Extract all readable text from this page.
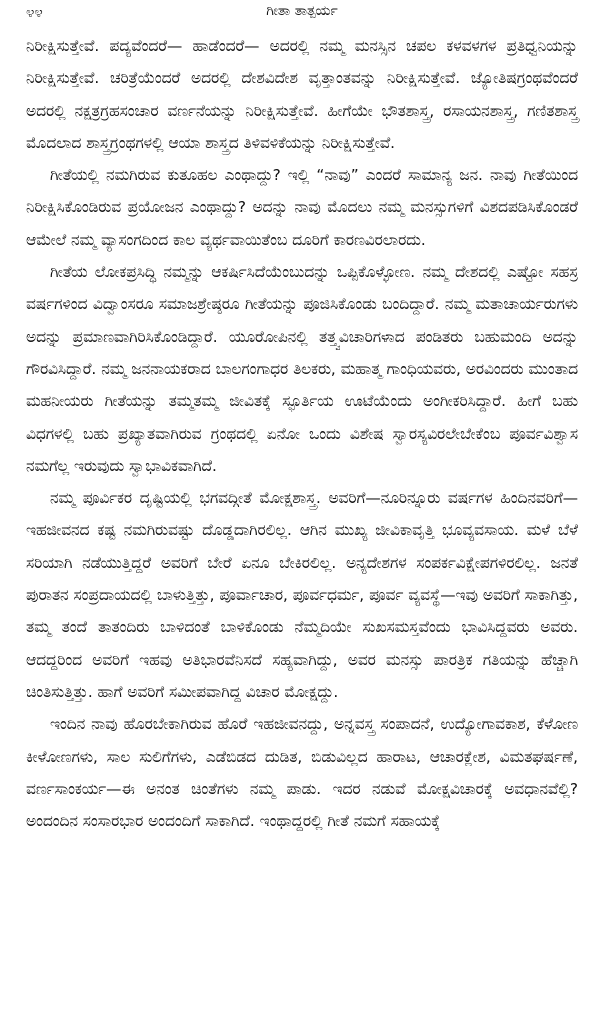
೪೪	ಗೀತಾ ತಾತ್ಪರ್ಯ

ನಿರೀಕ್ಷಿಸುತ್ತೇವೆ. ಪದ್ಯವೆಂದರೆ— ಹಾಡೆಂದರೆ— ಅದರಲ್ಲಿ ನಮ್ಮ ಮನಸ್ಸಿನ ಚಪಲ ಕಳವಳಗಳ ಪ್ರತಿಧ್ವನಿಯನ್ನು ನಿರೀಕ್ಷಿಸುತ್ತೇವೆ. ಚರಿತ್ರೆಯೆಂದರೆ ಅದರಲ್ಲಿ ದೇಶವಿದೇಶ ವೃತ್ತಾಂತವನ್ನು ನಿರೀಕ್ಷಿಸುತ್ತೇವೆ. ಜ್ಯೋತಿಷಗ್ರಂಥವೆಂದರೆ ಅದರಲ್ಲಿ ನಕ್ಷತ್ರಗ್ರಹಸಂಚಾರ ವರ್ಣನೆಯನ್ನು ನಿರೀಕ್ಷಿಸುತ್ತೇವೆ. ಹೀಗೆಯೇ ಭೌತಶಾಸ್ತ್ರ, ರಸಾಯನಶಾಸ್ತ್ರ, ಗಣಿತಶಾಸ್ತ್ರ ಮೊದಲಾದ ಶಾಸ್ತ್ರಗ್ರಂಥಗಳಲ್ಲಿ ಆಯಾ ಶಾಸ್ತ್ರದ ತಿಳಿವಳಿಕೆಯನ್ನು ನಿರೀಕ್ಷಿಸುತ್ತೇವೆ.

ಗೀತೆಯಲ್ಲಿ ನಮಗಿರುವ ಕುತೂಹಲ ಎಂಥಾದ್ದು? ಇಲ್ಲಿ “ನಾವು” ಎಂದರೆ ಸಾಮಾನ್ಯ ಜನ. ನಾವು ಗೀತೆಯಿಂದ ನಿರೀಕ್ಷಿಸಿಕೊಂಡಿರುವ ಪ್ರಯೋಜನ ಎಂಥಾದ್ದು? ಅದನ್ನು ನಾವು ಮೊದಲು ನಮ್ಮ ಮನಸ್ಸುಗಳಿಗೆ ವಿಶದಪಡಿಸಿಕೊಂಡರೆ ಆಮೇಲೆ ನಮ್ಮ ವ್ಯಾಸಂಗದಿಂದ ಕಾಲ ವ್ಯರ್ಥವಾಯಿತೆಂಬ ದೂರಿಗೆ ಕಾರಣವಿರಲಾರದು.

ಗೀತೆಯ ಲೋಕಪ್ರಸಿದ್ಧಿ ನಮ್ಮನ್ನು ಆಕರ್ಷಿಸಿದೆಯೆಂಬುದನ್ನು ಒಪ್ಪಿಕೊಳ್ಳೋಣ. ನಮ್ಮ ದೇಶದಲ್ಲಿ ಎಷ್ಟೋ ಸಹಸ್ರ ವರ್ಷಗಳಿಂದ ವಿದ್ವಾಂಸರೂ ಸಮಾಜಶ್ರೇಷ್ಠರೂ ಗೀತೆಯನ್ನು ಪೂಜಿಸಿಕೊಂಡು ಬಂದಿದ್ದಾರೆ. ನಮ್ಮ ಮತಾಚಾರ್ಯರುಗಳು ಅದನ್ನು ಪ್ರಮಾಣವಾಗಿರಿಸಿಕೊಂಡಿದ್ದಾರೆ. ಯೂರೋಪಿನಲ್ಲಿ ತತ್ತ್ವವಿಚಾರಿಗಳಾದ ಪಂಡಿತರು ಬಹುಮಂದಿ ಅದನ್ನು ಗೌರವಿಸಿದ್ದಾರೆ. ನಮ್ಮ ಜನನಾಯಕರಾದ ಬಾಲಗಂಗಾಧರ ತಿಲಕರು, ಮಹಾತ್ಮ ಗಾಂಧಿಯವರು, ಅರವಿಂದರು ಮುಂತಾದ ಮಹನೀಯರು ಗೀತೆಯನ್ನು ತಮ್ಮತಮ್ಮ ಜೀವಿತಕ್ಕೆ ಸ್ಫೂರ್ತಿಯ ಊಟೆಯೆಂದು ಅಂಗೀಕರಿಸಿದ್ದಾರೆ. ಹೀಗೆ ಬಹು ವಿಧಗಳಲ್ಲಿ ಬಹು ಪ್ರಖ್ಯಾತವಾಗಿರುವ ಗ್ರಂಥದಲ್ಲಿ ಏನೋ ಒಂದು ವಿಶೇಷ ಸ್ವಾರಸ್ಯವಿರಲೇಬೇಕೆಂಬ ಪೂರ್ವವಿಶ್ವಾಸ ನಮಗೆಲ್ಲ ಇರುವುದು ಸ್ವಾಭಾವಿಕವಾಗಿದೆ.

ನಮ್ಮ ಪೂರ್ವಿಕರ ದೃಷ್ಟಿಯಲ್ಲಿ ಭಗವದ್ಗೀತೆ ಮೋಕ್ಷಶಾಸ್ತ್ರ. ಅವರಿಗೆ—ನೂರಿನ್ನೂರು ವರ್ಷಗಳ ಹಿಂದಿನವರಿಗೆ—ಇಹಜೀವನದ ಕಷ್ಟ ನಮಗಿರುವಷ್ಟು ದೊಡ್ಡದಾಗಿರಲಿಲ್ಲ. ಆಗಿನ ಮುಖ್ಯ ಜೀವಿಕಾವೃತ್ತಿ ಭೂವ್ಯವಸಾಯ. ಮಳೆ ಬೆಳೆ ಸರಿಯಾಗಿ ನಡೆಯುತ್ತಿದ್ದರೆ ಅವರಿಗೆ ಬೇರೆ ಏನೂ ಬೇಕಿರಲಿಲ್ಲ. ಅನ್ಯದೇಶಗಳ ಸಂಪರ್ಕವಿಕ್ಷೇಪಗಳಿರಲಿಲ್ಲ. ಜನತೆ ಪುರಾತನ ಸಂಪ್ರದಾಯದಲ್ಲಿ ಬಾಳುತ್ತಿತ್ತು, ಪೂರ್ವಾಚಾರ, ಪೂರ್ವಧರ್ಮ, ಪೂರ್ವ ವ್ಯವಸ್ಥೆ—ಇವು ಅವರಿಗೆ ಸಾಕಾಗಿತ್ತು, ತಮ್ಮ ತಂದೆ ತಾತಂದಿರು ಬಾಳಿದಂತೆ ಬಾಳಿಕೊಂಡು ನೆಮ್ಮದಿಯೇ ಸುಖಸಮಸ್ತವೆಂದು ಭಾವಿಸಿದ್ದವರು ಅವರು. ಆದದ್ದರಿಂದ ಅವರಿಗೆ ಇಹವು ಅತಿಭಾರವೆನಿಸದೆ ಸಹ್ಯವಾಗಿದ್ದು, ಅವರ ಮನಸ್ಸು ಪಾರತ್ರಿಕ ಗತಿಯನ್ನು ಹೆಚ್ಚಾಗಿ ಚಿಂತಿಸುತ್ತಿತ್ತು. ಹಾಗೆ ಅವರಿಗೆ ಸಮೀಪವಾಗಿದ್ದ ವಿಚಾರ ಮೋಕ್ಷದ್ದು.

ಇಂದಿನ ನಾವು ಹೊರಬೇಕಾಗಿರುವ ಹೊರೆ ಇಹಜೀವನದ್ದು, ಅನ್ನವಸ್ತ್ರ ಸಂಪಾದನೆ, ಉದ್ಯೋಗಾವಕಾಶ, ಕೆಳೋಣ ಕೀಳೋಣಗಳು, ಸಾಲ ಸುಲಿಗೆಗಳು, ಎಡೆಬಿಡದ ದುಡಿತ, ಬಿಡುವಿಲ್ಲದ ಹಾರಾಟ, ಆಚಾರಕ್ಲೇಶ, ವಿಮತಘರ್ಷಣೆ, ವರ್ಣಸಾಂಕರ್ಯ—ಈ ಅನಂತ ಚಿಂತೆಗಳು ನಮ್ಮ ಪಾಡು. ಇದರ ನಡುವೆ ಮೋಕ್ಷವಿಚಾರಕ್ಕೆ ಅವಧಾನವೆಲ್ಲಿ? ಅಂದಂದಿನ ಸಂಸಾರಭಾರ ಅಂದಂದಿಗೆ ಸಾಕಾಗಿದೆ. ಇಂಥಾದ್ದರಲ್ಲಿ ಗೀತೆ ನಮಗೆ ಸಹಾಯಕ್ಕೆ
